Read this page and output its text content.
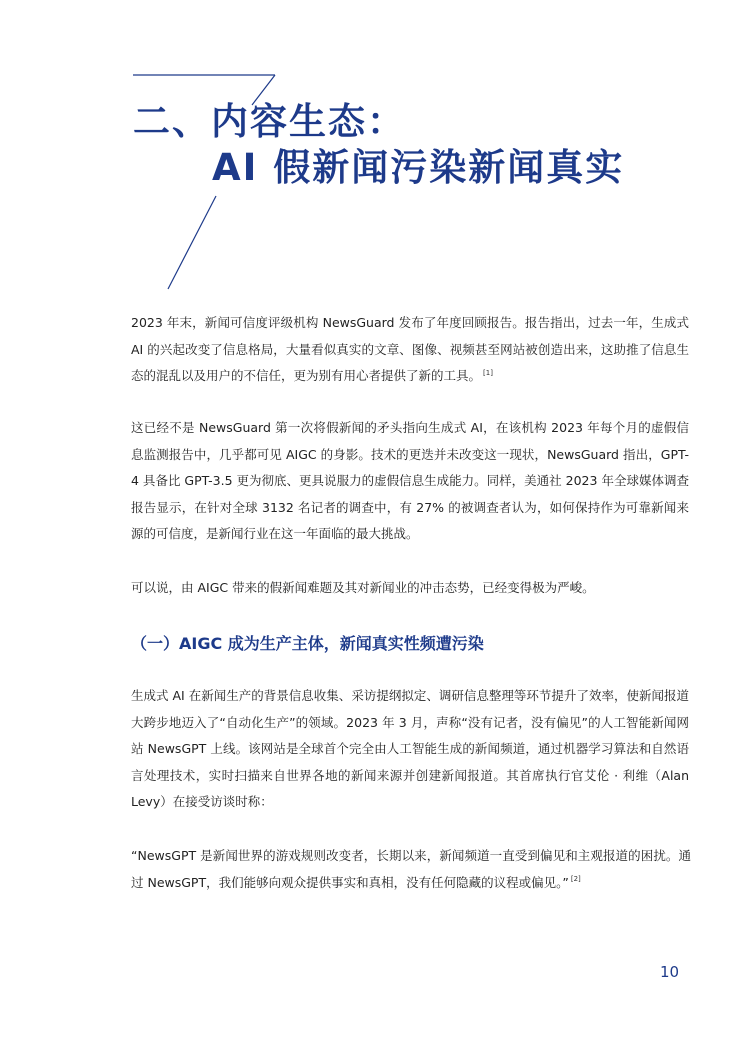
二、内容生态：
AI 假新闻污染新闻真实

2023 年末，新闻可信度评级机构 NewsGuard 发布了年度回顾报告。报告指出，过去一年，生成式 AI 的兴起改变了信息格局，大量看似真实的文章、图像、视频甚至网站被创造出来，这助推了信息生态的混乱以及用户的不信任，更为别有用心者提供了新的工具。 [1]

这已经不是 NewsGuard 第一次将假新闻的矛头指向生成式 AI，在该机构 2023 年每个月的虚假信息监测报告中，几乎都可见 AIGC 的身影。技术的更迭并未改变这一现状，NewsGuard 指出，GPT-4 具备比 GPT-3.5 更为彻底、更具说服力的虚假信息生成能力。同样，美通社 2023 年全球媒体调查报告显示，在针对全球 3132 名记者的调查中，有 27% 的被调查者认为，如何保持作为可靠新闻来源的可信度，是新闻行业在这一年面临的最大挑战。

可以说，由 AIGC 带来的假新闻难题及其对新闻业的冲击态势，已经变得极为严峻。

（一）AIGC 成为生产主体，新闻真实性频遭污染

生成式 AI 在新闻生产的背景信息收集、采访提纲拟定、调研信息整理等环节提升了效率，使新闻报道大跨步地迈入了“自动化生产”的领域。2023 年 3 月，声称“没有记者，没有偏见”的人工智能新闻网站 NewsGPT 上线。该网站是全球首个完全由人工智能生成的新闻频道，通过机器学习算法和自然语言处理技术，实时扫描来自世界各地的新闻来源并创建新闻报道。其首席执行官艾伦 · 利维（Alan Levy）在接受访谈时称：

“NewsGPT 是新闻世界的游戏规则改变者，长期以来，新闻频道一直受到偏见和主观报道的困扰。通过 NewsGPT，我们能够向观众提供事实和真相，没有任何隐藏的议程或偏见。” [2]

10
